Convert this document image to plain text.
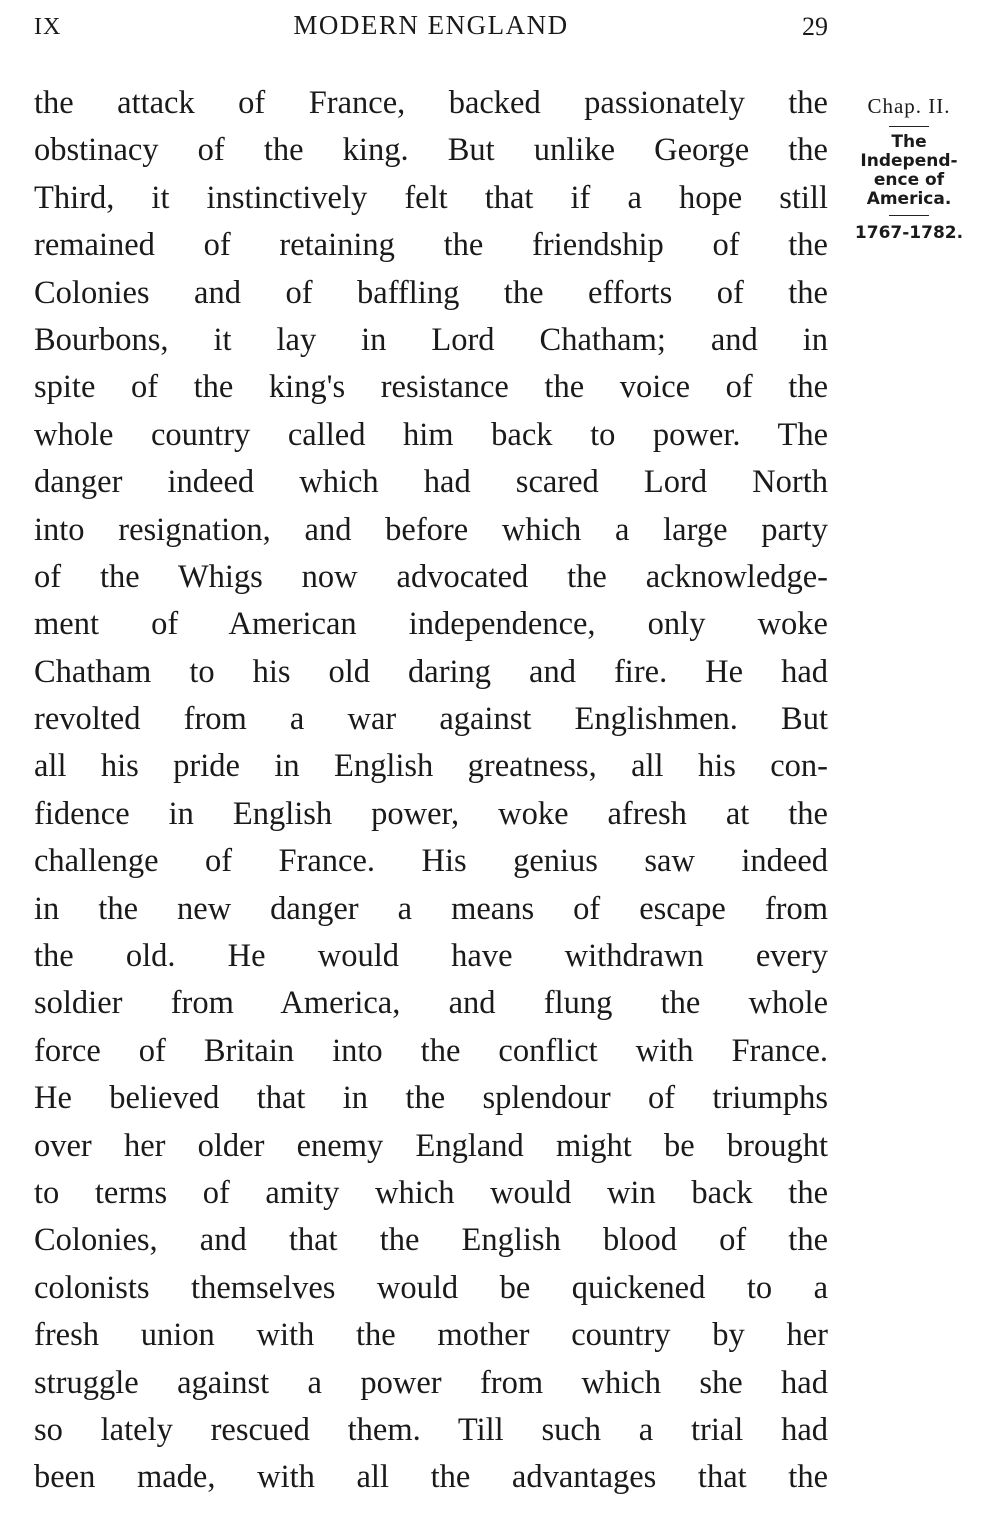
IX	MODERN ENGLAND	29
the attack of France, backed passionately the
obstinacy of the king. But unlike George the
Third, it instinctively felt that if a hope still
remained of retaining the friendship of the
Colonies and of baffling the efforts of the
Bourbons, it lay in Lord Chatham; and in
spite of the king's resistance the voice of the
whole country called him back to power. The
danger indeed which had scared Lord North
into resignation, and before which a large party
of the Whigs now advocated the acknowledge-
ment of American independence, only woke
Chatham to his old daring and fire. He had
revolted from a war against Englishmen. But
all his pride in English greatness, all his con-
fidence in English power, woke afresh at the
challenge of France. His genius saw indeed
in the new danger a means of escape from
the old. He would have withdrawn every
soldier from America, and flung the whole
force of Britain into the conflict with France.
He believed that in the splendour of triumphs
over her older enemy England might be brought
to terms of amity which would win back the
Colonies, and that the English blood of the
colonists themselves would be quickened to a
fresh union with the mother country by her
struggle against a power from which she had
so lately rescued them. Till such a trial had
been made, with all the advantages that the
Chap. II.
The
Independ-
ence of
America.
1767-1782.
